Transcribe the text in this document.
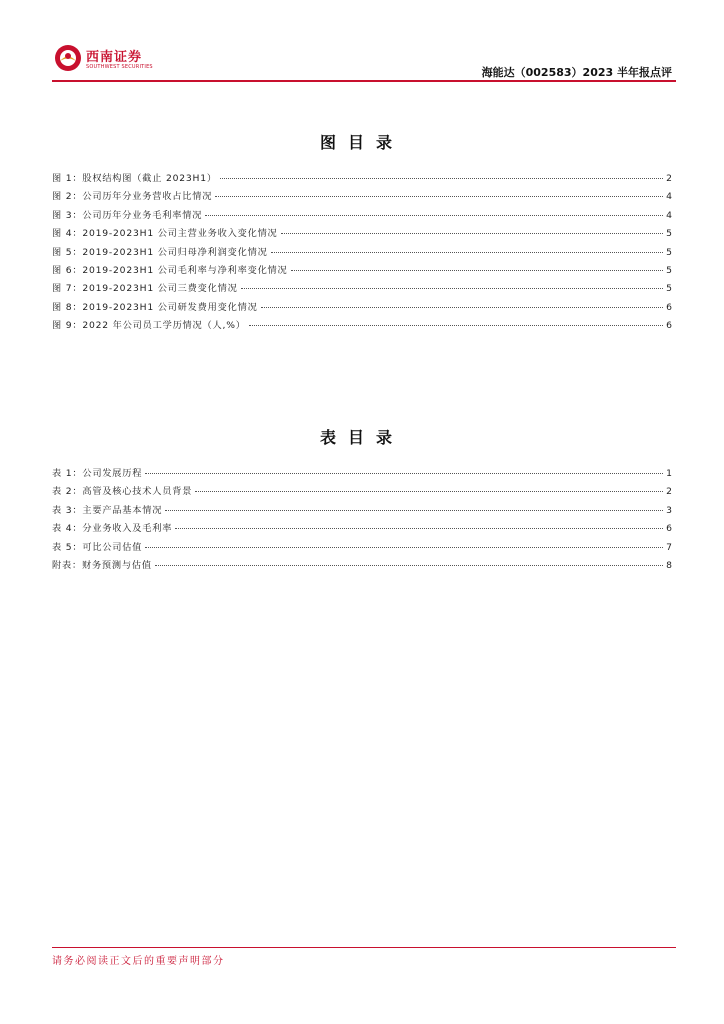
西南证券
SOUTHWEST SECURITIES	海能达（002583）2023 半年报点评
图目录
图 1：股权结构图（截止 2023H1）	2
图 2：公司历年分业务营收占比情况	4
图 3：公司历年分业务毛利率情况	4
图 4：2019-2023H1 公司主营业务收入变化情况	5
图 5：2019-2023H1 公司归母净利润变化情况	5
图 6：2019-2023H1 公司毛利率与净利率变化情况	5
图 7：2019-2023H1 公司三费变化情况	5
图 8：2019-2023H1 公司研发费用变化情况	6
图 9：2022 年公司员工学历情况（人,%）	6
表目录
表 1：公司发展历程	1
表 2：高管及核心技术人员背景	2
表 3：主要产品基本情况	3
表 4：分业务收入及毛利率	6
表 5：可比公司估值	7
附表：财务预测与估值	8
请务必阅读正文后的重要声明部分
